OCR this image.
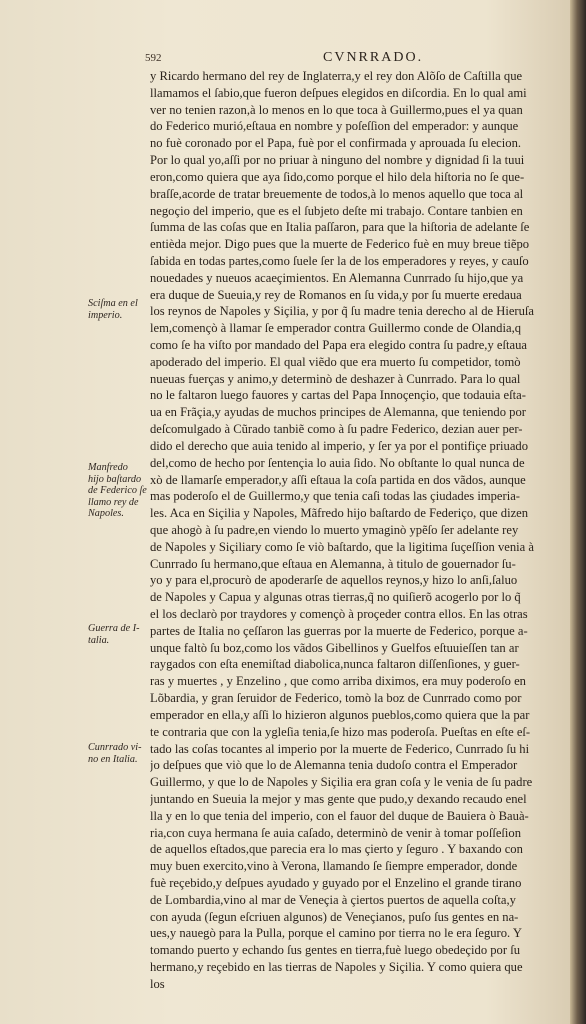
592	CVNRRADO.
y Ricardo hermano del rey de Inglaterra,y el rey don Alõſo de Caſtilla que
llamamos el ſabio,que fueron deſpues elegidos en diſcordia. En lo qual ami
ver no tenien razon,à lo menos en lo que toca à Guillermo,pues el ya quan
do Federico murió,eſtaua en nombre y poſeſſion del emperador: y aunque
no fuè coronado por el Papa, fuè por el confirmada y aprouada ſu elecion.
Por lo qual yo,aſſi por no priuar à ninguno del nombre y dignidad ſi la tuui
eron,como quiera que aya ſido,como porque el hilo dela hiſtoria no ſe que-
braſſe,acorde de tratar breuemente de todos,à lo menos aquello que toca al
negoçio del imperio, que es el ſubjeto deſte mi trabajo. Contare tanbien en
ſumma de las coſas que en Italia paſſaron, para que la hiſtoria de adelante ſe
entièda mejor. Digo pues que la muerte de Federico fuè en muy breue tiẽpo
ſabida en todas partes,como ſuele ſer la de los emperadores y reyes, y cauſo
nouedades y nueuos acaeçimientos. En Alemanna Cunrrado ſu hijo,que ya
era duque de Sueuia,y rey de Romanos en ſu vida,y por ſu muerte eredaua
los reynos de Napoles y Siçilia, y por q̃ ſu madre tenia derecho al de Hieruſa
lem,començò à llamar ſe emperador contra Guillermo conde de Olandia,q
como ſe ha viſto por mandado del Papa era elegido contra ſu padre,y eſtaua
apoderado del imperio. El qual viẽdo que era muerto ſu competidor, tomò
nueuas fuerças y animo,y determinò de deshazer à Cunrrado. Para lo qual
no le faltaron luego fauores y cartas del Papa Innoçençio, que todauia eſta-
ua en Frãçia,y ayudas de muchos principes de Alemanna, que teniendo por
deſcomulgado à Cũrado tanbiẽ como à ſu padre Federico, dezian auer per-
dido el derecho que auia tenido al imperio, y ſer ya por el pontifiçe priuado
del,como de hecho por ſentençia lo auia ſido. No obſtante lo qual nunca de
xò de llamarſe emperador,y aſſi eſtaua la coſa partida en dos vãdos, aunque
mas poderoſo el de Guillermo,y que tenia caſi todas las çiudades imperia-
les. Aca en Siçilia y Napoles, Mãfredo hijo baſtardo de Federiço, que dizen
que ahogò à ſu padre,en viendo lo muerto ymaginò ypẽſo ſer adelante rey
de Napoles y Siçiliary como ſe viò baſtardo, que la ligitima ſuçeſſion venia à
Cunrrado ſu hermano,que eſtaua en Alemanna, à titulo de gouernador ſu-
yo y para el,procurò de apoderarſe de aquellos reynos,y hizo lo anſi,ſaluo
de Napoles y Capua y algunas otras tierras,q̃ no quiſierõ acogerlo por lo q̃
el los declarò por traydores y començò à proçeder contra ellos. En las otras
partes de Italia no çeſſaron las guerras por la muerte de Federico, porque a-
unque faltò ſu boz,como los vãdos Gibellinos y Guelfos eſtuuieſſen tan ar
raygados con eſta enemiſtad diabolica,nunca faltaron diſſenſiones, y guer-
ras y muertes , y Enzelino , que como arriba diximos, era muy poderoſo en
Lõbardia, y gran ſeruidor de Federico, tomò la boz de Cunrrado como por
emperador en ella,y aſſi lo hizieron algunos pueblos,como quiera que la par
te contraria que con la ygleſia tenia,ſe hizo mas poderoſa. Pueſtas en eſte eſ-
tado las coſas tocantes al imperio por la muerte de Federico, Cunrrado ſu hi
jo deſpues que viò que lo de Alemanna tenia dudoſo contra el Emperador
Guillermo, y que lo de Napoles y Siçilia era gran coſa y le venia de ſu padre
juntando en Sueuia la mejor y mas gente que pudo,y dexando recaudo enel
lla y en lo que tenia del imperio, con el fauor del duque de Bauiera ò Bauà-
ria,con cuya hermana ſe auia caſado, determinò de venir à tomar poſſeſion
de aquellos eſtados,que parecia era lo mas çierto y ſeguro . Y baxando con
muy buen exercito,vino à Verona, llamando ſe ſiempre emperador, donde
fuè reçebido,y deſpues ayudado y guyado por el Enzelino el grande tirano
de Lombardia,vino al mar de Veneçia à çiertos puertos de aquella coſta,y
con ayuda (ſegun eſcriuen algunos) de Veneçianos, puſo ſus gentes en na-
ues,y nauegò para la Pulla, porque el camino por tierra no le era ſeguro. Y
tomando puerto y echando ſus gentes en tierra,fuè luego obedeçido por ſu
hermano,y reçebido en las tierras de Napoles y Siçilia. Y como quiera que
los
Sciſma en el
imperio.
Manfredo
hijo baſtardo
de Federico ſe
llamo rey de
Napoles.
Guerra de I-
talia.
Cunrrado vi-
no en Italia.
